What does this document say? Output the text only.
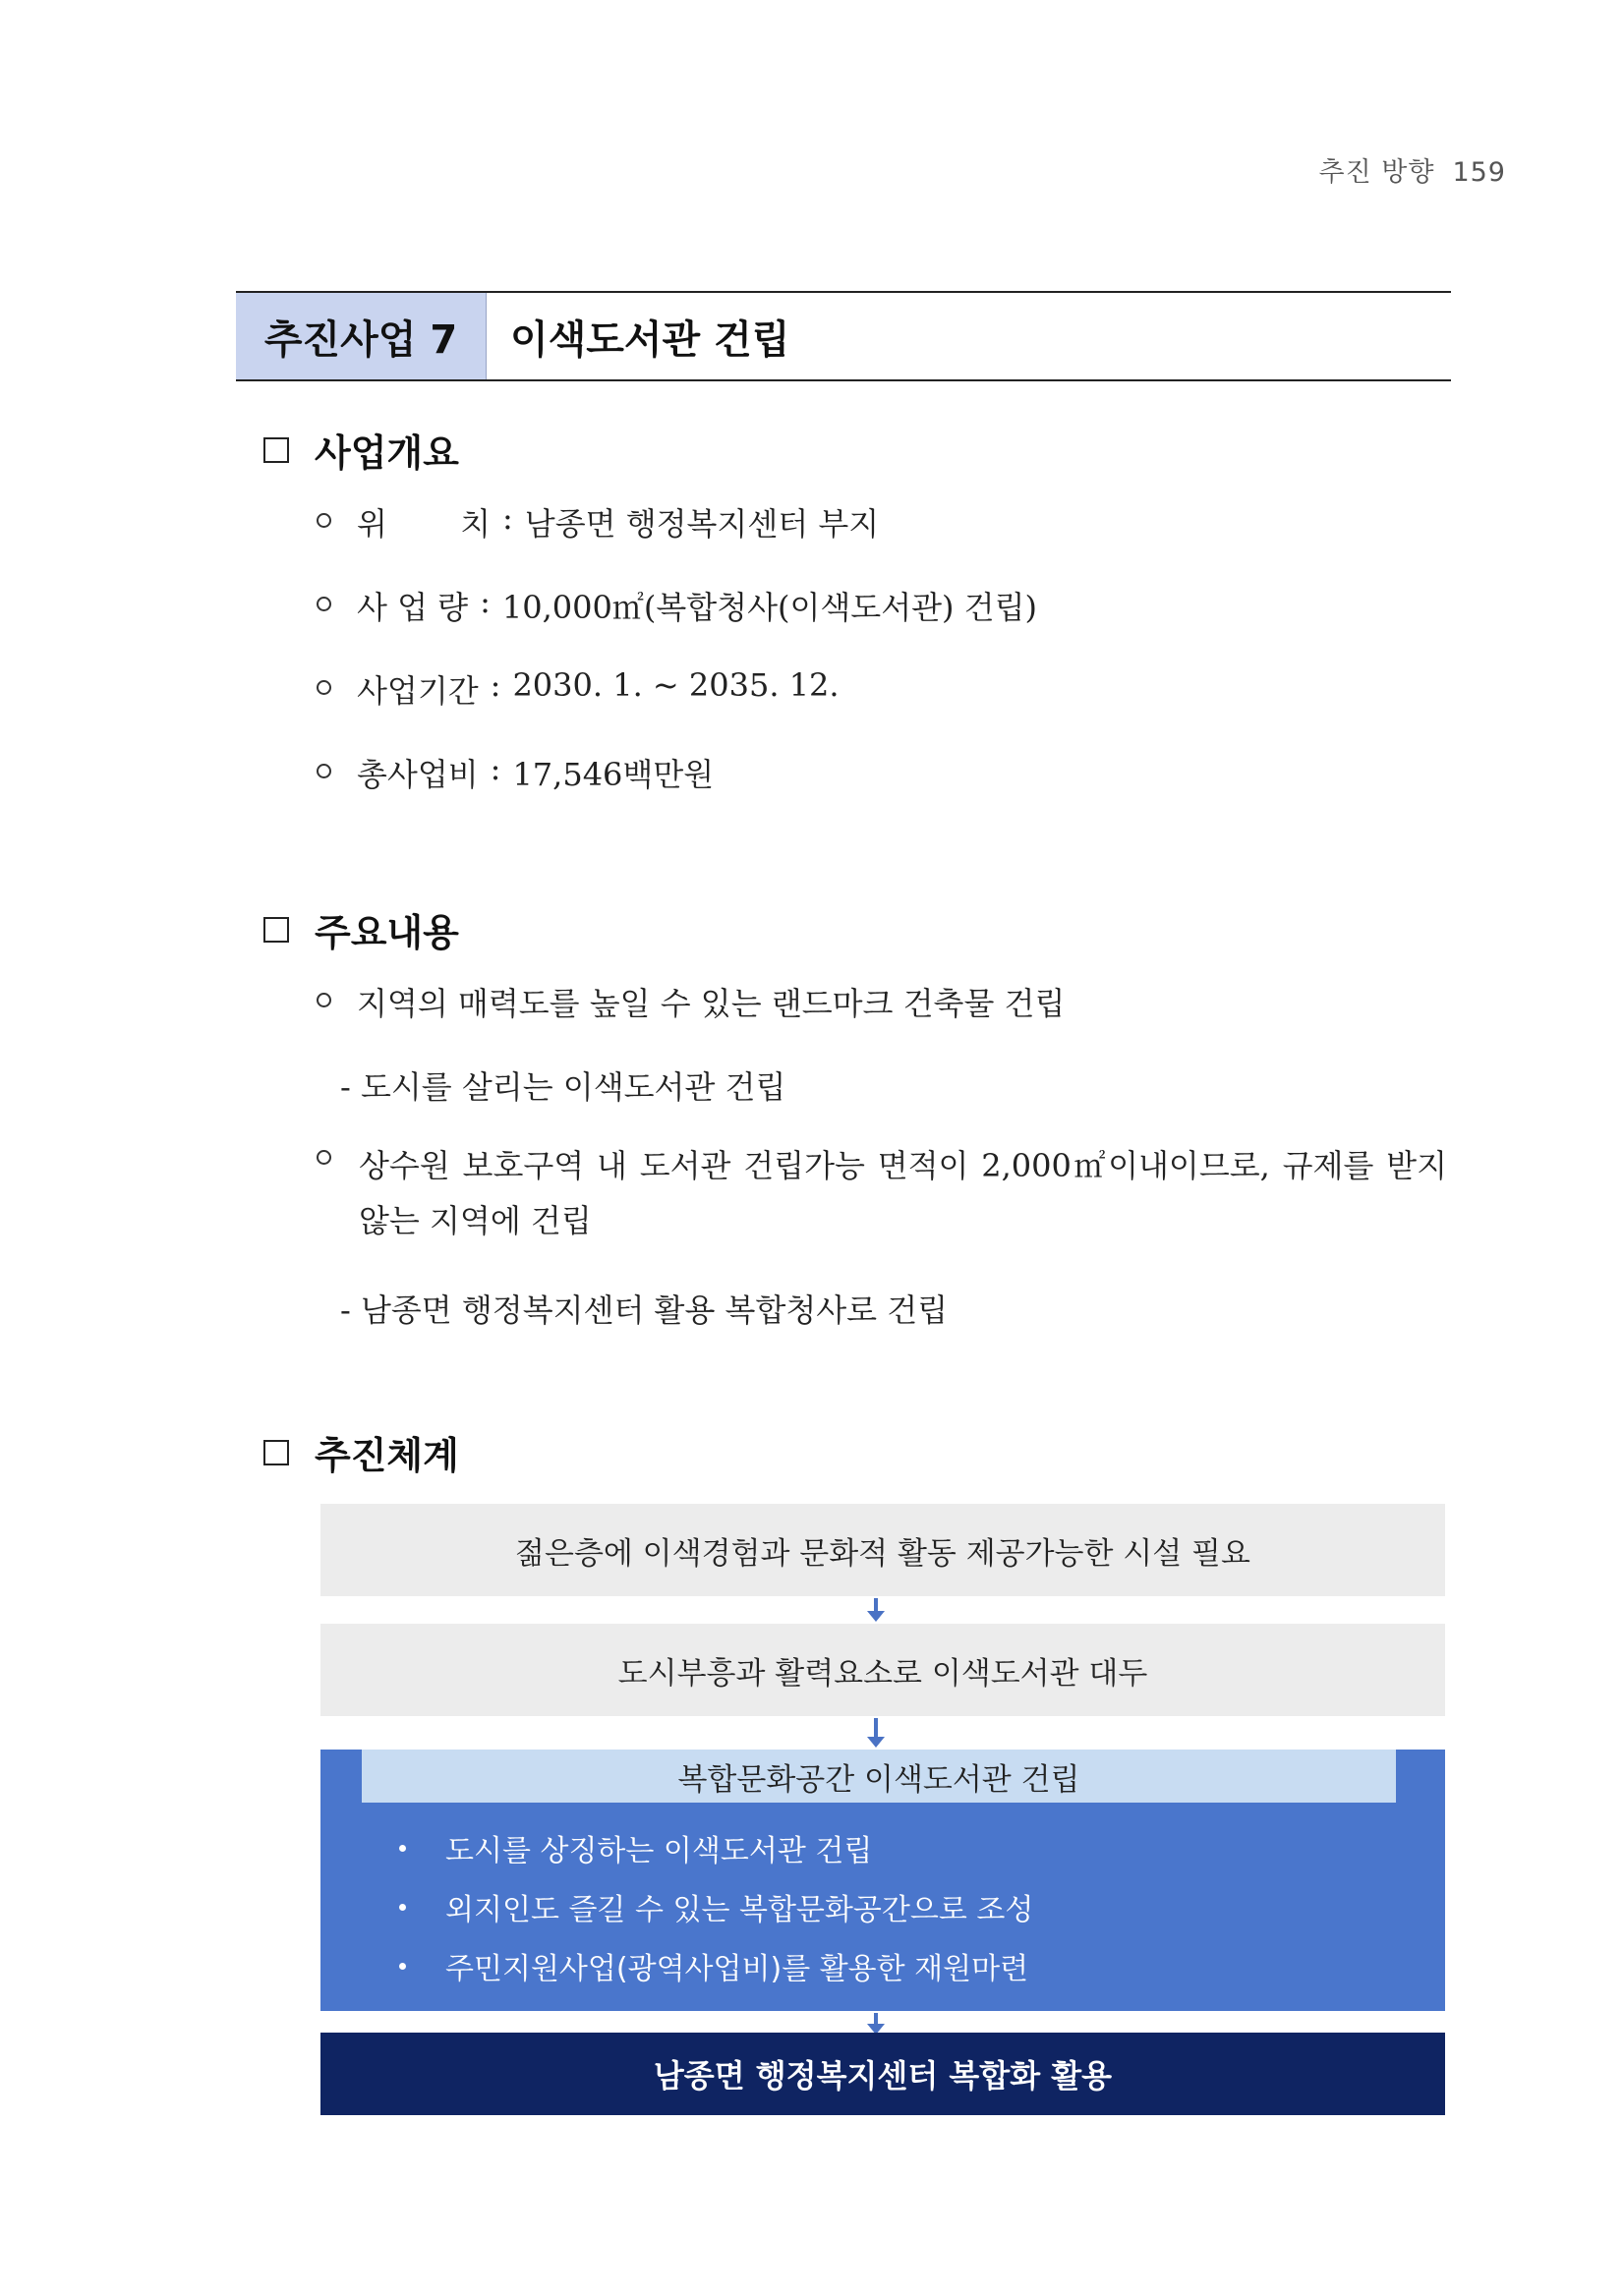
추진 방향 159
추진사업 7	이색도서관 건립
사업개요
위　　 치 : 남종면 행정복지센터 부지
사 업 량 : 10,000㎡(복합청사(이색도서관) 건립)
사업기간 : 2030. 1. ~ 2035. 12.
총사업비 : 17,546백만원
주요내용
지역의 매력도를 높일 수 있는 랜드마크 건축물 건립
- 도시를 살리는 이색도서관 건립
상수원 보호구역 내 도서관 건립가능 면적이 2,000㎡이내이므로, 규제를 받지 않는 지역에 건립
- 남종면 행정복지센터 활용 복합청사로 건립
추진체계
젊은층에 이색경험과 문화적 활동 제공가능한 시설 필요
도시부흥과 활력요소로 이색도서관 대두
복합문화공간 이색도서관 건립
도시를 상징하는 이색도서관 건립
외지인도 즐길 수 있는 복합문화공간으로 조성
주민지원사업(광역사업비)를 활용한 재원마련
남종면 행정복지센터 복합화 활용
